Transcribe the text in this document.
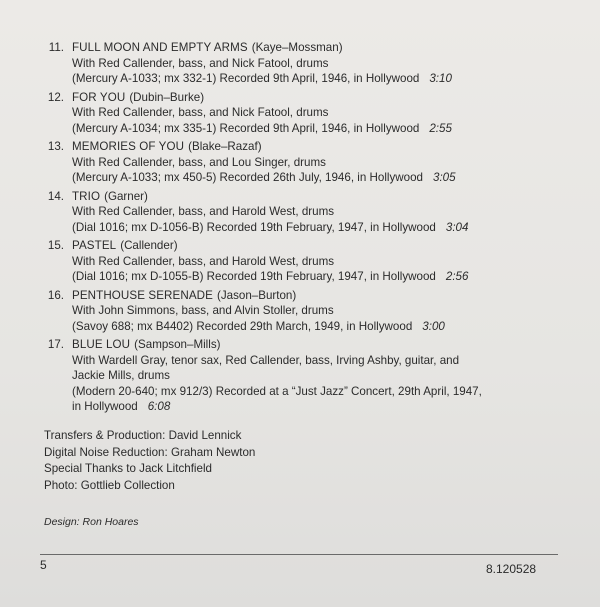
11. FULL MOON AND EMPTY ARMS (Kaye–Mossman)
With Red Callender, bass, and Nick Fatool, drums
(Mercury A-1033; mx 332-1) Recorded 9th April, 1946, in Hollywood 3:10
12. FOR YOU (Dubin–Burke)
With Red Callender, bass, and Nick Fatool, drums
(Mercury A-1034; mx 335-1) Recorded 9th April, 1946, in Hollywood 2:55
13. MEMORIES OF YOU (Blake–Razaf)
With Red Callender, bass, and Lou Singer, drums
(Mercury A-1033; mx 450-5) Recorded 26th July, 1946, in Hollywood 3:05
14. TRIO (Garner)
With Red Callender, bass, and Harold West, drums
(Dial 1016; mx D-1056-B) Recorded 19th February, 1947, in Hollywood 3:04
15. PASTEL (Callender)
With Red Callender, bass, and Harold West, drums
(Dial 1016; mx D-1055-B) Recorded 19th February, 1947, in Hollywood 2:56
16. PENTHOUSE SERENADE (Jason–Burton)
With John Simmons, bass, and Alvin Stoller, drums
(Savoy 688; mx B4402) Recorded 29th March, 1949, in Hollywood 3:00
17. BLUE LOU (Sampson–Mills)
With Wardell Gray, tenor sax, Red Callender, bass, Irving Ashby, guitar, and
Jackie Mills, drums
(Modern 20-640; mx 912/3) Recorded at a “Just Jazz” Concert, 29th April, 1947,
in Hollywood 6:08
Transfers & Production: David Lennick
Digital Noise Reduction: Graham Newton
Special Thanks to Jack Litchfield
Photo: Gottlieb Collection
Design: Ron Hoares
5	8.120528
